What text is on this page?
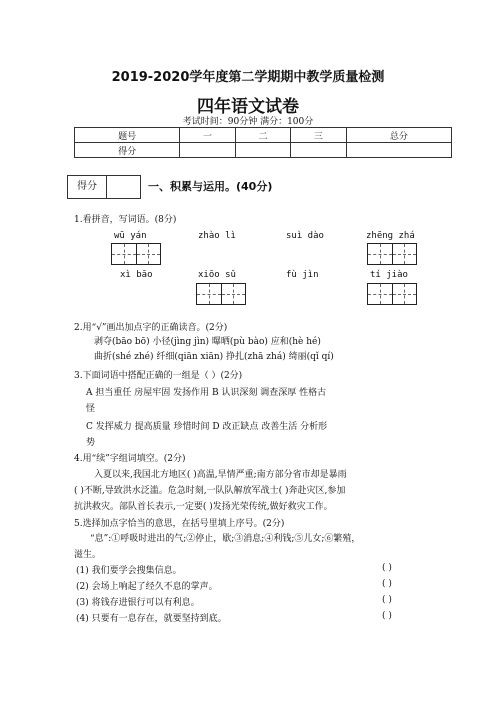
2019-2020学年度第二学期期中教学质量检测
四年语文试卷
考试时间：90分钟 满分：100分
题号	一	二	三	总分
得分				
得分	一、积累与运用。(40分)
1.看拼音，写词语。(8分)
wū yán	zhào lì	suì dào	zhēng zhá
xì bāo	xiōo sǔ	fù jìn	tí jiào
2.用“√”画出加点字的正确读音。(2分)
剥夺(bāo bō) 小径(jìng jìn) 曝晒(pù bào) 应和(hè hé)
曲折(shé zhé) 纤细(qiān xiān) 挣扎(zhā zhá) 绮丽(qǐ qí)
3.下面词语中搭配正确的一组是（ ）(2分)
A 担当重任 房屋牢固 发扬作用 B 认识深刻 调查深厚 性格古
怪
C 发挥威力 提高质量 珍惜时间 D 改正缺点 改善生活 分析形
势
4.用“续”字组词填空。(2分)
入夏以来,我国北方地区( )高温,旱情严重;南方部分省市却是暴雨
( )不断,导致洪水泛滥。危急时刻,一队队解放军战士( )奔赴灾区,参加
抗洪救灾。部队首长表示,一定要( )发扬光荣传统,做好救灾工作。
5.选择加点字恰当的意思，在括号里填上序号。(2分)
“息”:①呼吸时进出的气;②停止，歇;③消息;④利钱;⑤儿女;⑥繁殖，
滋生。
(1) 我们要学会搜集信息。	( )
(2) 会场上响起了经久不息的掌声。	( )
(3) 将钱存进银行可以有利息。	( )
(4) 只要有一息存在，就要坚持到底。	( )
